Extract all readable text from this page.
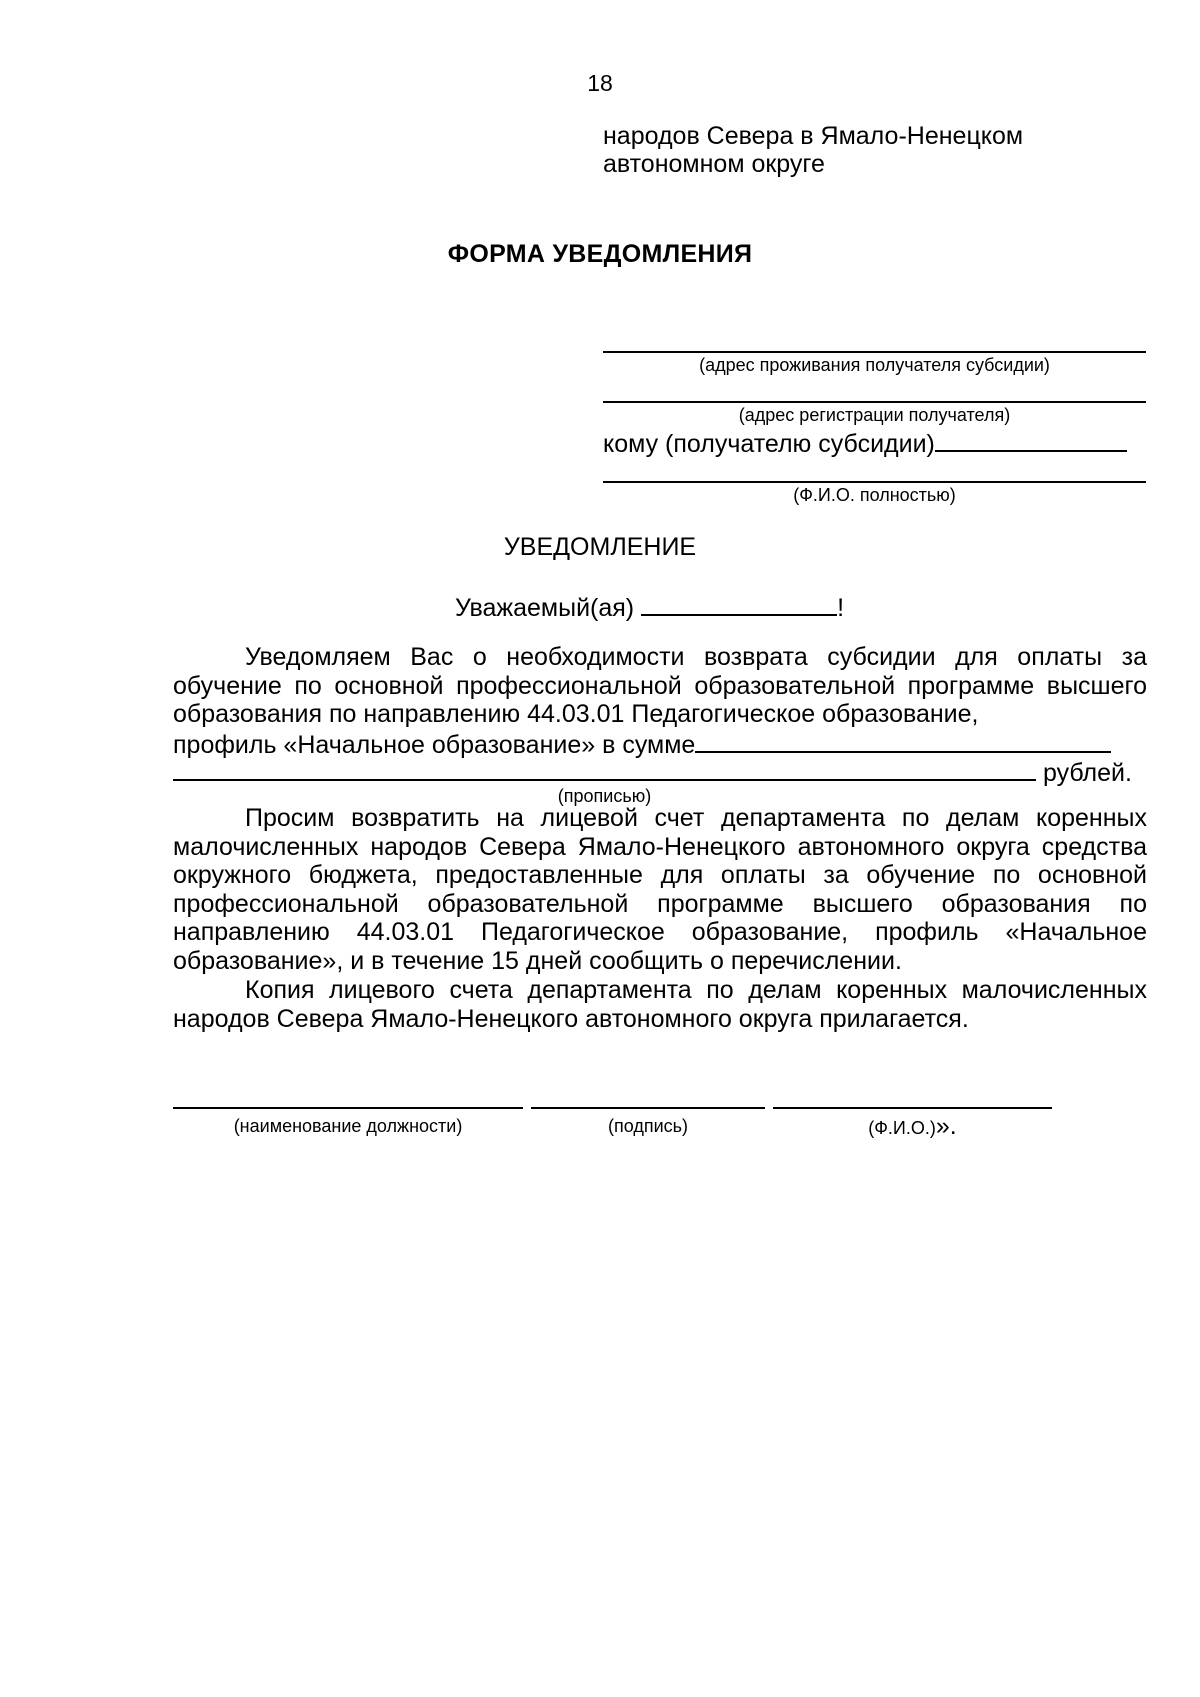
18
народов Севера в Ямало-Ненецком
автономном округе
ФОРМА УВЕДОМЛЕНИЯ
(адрес проживания получателя субсидии)
(адрес регистрации получателя)
кому (получателю субсидии)
(Ф.И.О. полностью)
УВЕДОМЛЕНИЕ
Уважаемый(ая)	!
Уведомляем Вас о необходимости возврата субсидии для оплаты за обучение по основной профессиональной образовательной программе высшего образования по направлению 44.03.01 Педагогическое образование,
профиль «Начальное образование» в сумме
рублей.
(прописью)
Просим возвратить на лицевой счет департамента по делам коренных малочисленных народов Севера Ямало-Ненецкого автономного округа средства окружного бюджета, предоставленные для оплаты за обучение по основной профессиональной образовательной программе высшего образования по направлению 44.03.01 Педагогическое образование, профиль «Начальное образование», и в течение 15 дней сообщить о перечислении.
Копия лицевого счета департамента по делам коренных малочисленных народов Севера Ямало-Ненецкого автономного округа прилагается.
(наименование должности)	(подпись)	(Ф.И.О.)».
